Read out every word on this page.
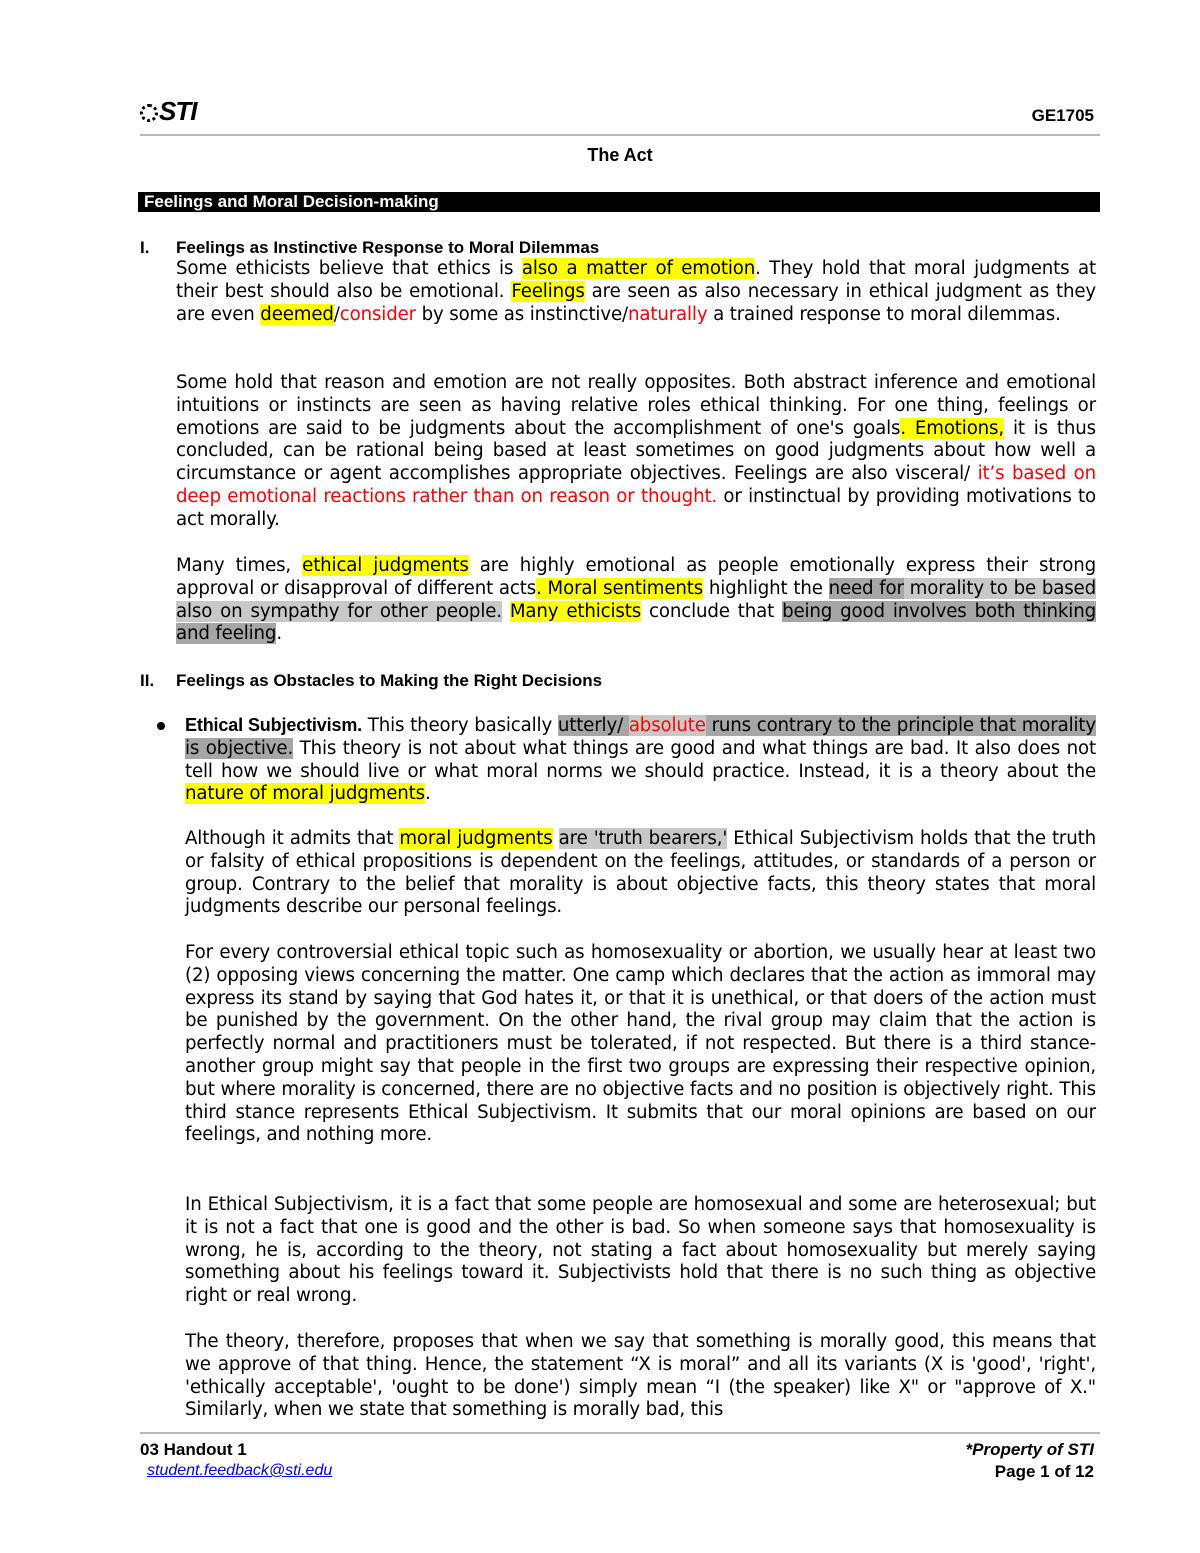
STI	GE1705
The Act
Feelings and Moral Decision-making
I. Feelings as Instinctive Response to Moral Dilemmas
Some ethicists believe that ethics is also a matter of emotion. They hold that moral judgments at their best should also be emotional. Feelings are seen as also necessary in ethical judgment as they are even deemed/consider by some as instinctive/naturally a trained response to moral dilemmas.
Some hold that reason and emotion are not really opposites. Both abstract inference and emotional intuitions or instincts are seen as having relative roles ethical thinking. For one thing, feelings or emotions are said to be judgments about the accomplishment of one's goals. Emotions, it is thus concluded, can be rational being based at least sometimes on good judgments about how well a circumstance or agent accomplishes appropriate objectives. Feelings are also visceral/ it’s based on deep emotional reactions rather than on reason or thought. or instinctual by providing motivations to act morally.
Many times, ethical judgments are highly emotional as people emotionally express their strong approval or disapproval of different acts. Moral sentiments highlight the need for morality to be based also on sympathy for other people. Many ethicists conclude that being good involves both thinking and feeling.
II. Feelings as Obstacles to Making the Right Decisions
Ethical Subjectivism. This theory basically utterly/ absolute runs contrary to the principle that morality is objective. This theory is not about what things are good and what things are bad. It also does not tell how we should live or what moral norms we should practice. Instead, it is a theory about the nature of moral judgments.
Although it admits that moral judgments are 'truth bearers,' Ethical Subjectivism holds that the truth or falsity of ethical propositions is dependent on the feelings, attitudes, or standards of a person or group. Contrary to the belief that morality is about objective facts, this theory states that moral judgments describe our personal feelings.
For every controversial ethical topic such as homosexuality or abortion, we usually hear at least two (2) opposing views concerning the matter. One camp which declares that the action as immoral may express its stand by saying that God hates it, or that it is unethical, or that doers of the action must be punished by the government. On the other hand, the rival group may claim that the action is perfectly normal and practitioners must be tolerated, if not respected. But there is a third stance-another group might say that people in the first two groups are expressing their respective opinion, but where morality is concerned, there are no objective facts and no position is objectively right. This third stance represents Ethical Subjectivism. It submits that our moral opinions are based on our feelings, and nothing more.
In Ethical Subjectivism, it is a fact that some people are homosexual and some are heterosexual; but it is not a fact that one is good and the other is bad. So when someone says that homosexuality is wrong, he is, according to the theory, not stating a fact about homosexuality but merely saying something about his feelings toward it. Subjectivists hold that there is no such thing as objective right or real wrong.
The theory, therefore, proposes that when we say that something is morally good, this means that we approve of that thing. Hence, the statement “X is moral” and all its variants (X is 'good', 'right', 'ethically acceptable', 'ought to be done') simply mean “I (the speaker) like X" or "approve of X." Similarly, when we state that something is morally bad, this
03 Handout 1
student.feedback@sti.edu
*Property of STI
Page 1 of 12
